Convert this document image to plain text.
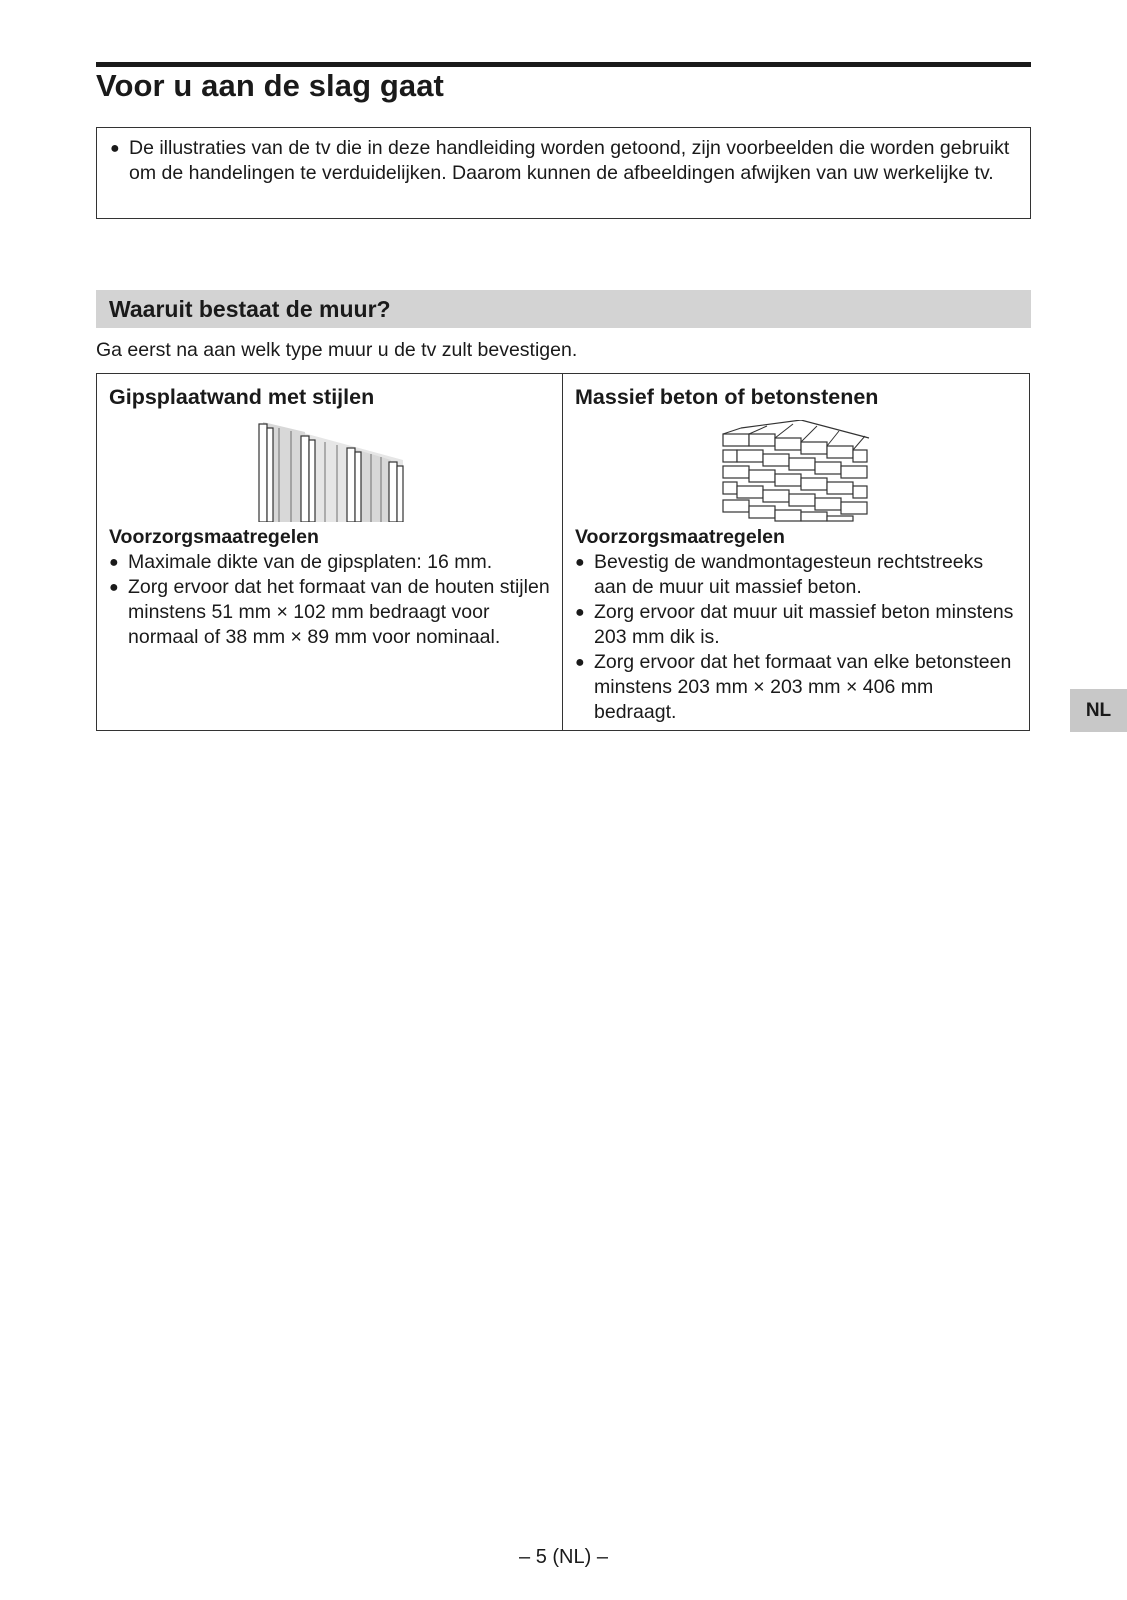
Voor u aan de slag gaat
● De illustraties van de tv die in deze handleiding worden getoond, zijn voorbeelden die worden gebruikt om de handelingen te verduidelijken. Daarom kunnen de afbeeldingen afwijken van uw werkelijke tv.
Waaruit bestaat de muur?
Ga eerst na aan welk type muur u de tv zult bevestigen.
Gipsplaatwand met stijlen

Voorzorgsmaatregelen

● Maximale dikte van de gipsplaten: 16 mm.
● Zorg ervoor dat het formaat van de houten stijlen minstens 51 mm × 102 mm bedraagt voor normaal of 38 mm × 89 mm voor nominaal.
Massief beton of betonstenen

Voorzorgsmaatregelen

● Bevestig de wandmontagesteun rechtstreeks aan de muur uit massief beton.
● Zorg ervoor dat muur uit massief beton minstens 203 mm dik is.
● Zorg ervoor dat het formaat van elke betonsteen minstens 203 mm × 203 mm × 406 mm bedraagt.	NL
– 5 (NL) –
